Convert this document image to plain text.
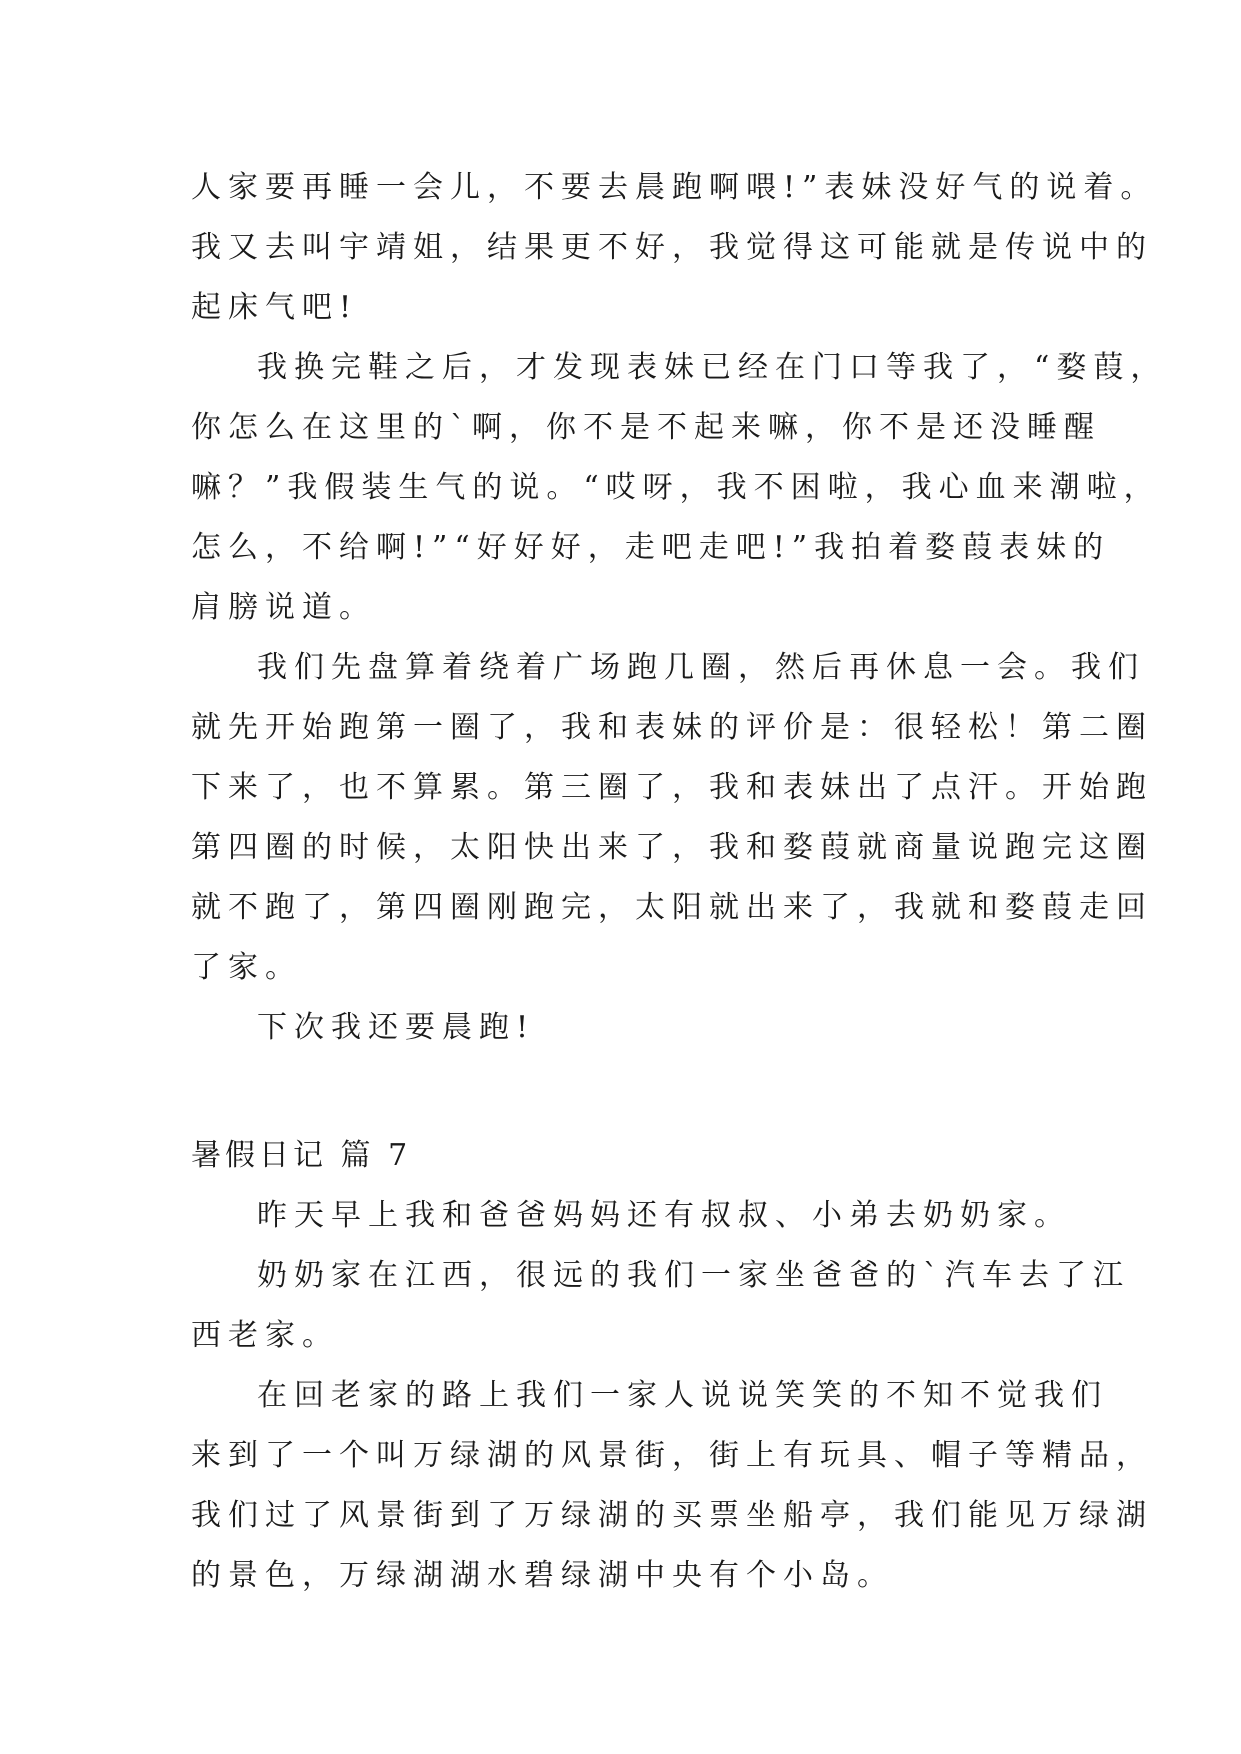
人家要再睡一会儿，不要去晨跑啊喂!”表妹没好气的说着。
我又去叫宇靖姐，结果更不好，我觉得这可能就是传说中的
起床气吧!
我换完鞋之后，才发现表妹已经在门口等我了，“婺葭，
你怎么在这里的`啊，你不是不起来嘛，你不是还没睡醒
嘛？”我假装生气的说。“哎呀，我不困啦，我心血来潮啦，
怎么，不给啊!”“好好好，走吧走吧!”我拍着婺葭表妹的
肩膀说道。
我们先盘算着绕着广场跑几圈，然后再休息一会。我们
就先开始跑第一圈了，我和表妹的评价是：很轻松！第二圈
下来了，也不算累。第三圈了，我和表妹出了点汗。开始跑
第四圈的时候，太阳快出来了，我和婺葭就商量说跑完这圈
就不跑了，第四圈刚跑完，太阳就出来了，我就和婺葭走回
了家。
下次我还要晨跑!
暑假日记 篇 7
昨天早上我和爸爸妈妈还有叔叔、小弟去奶奶家。
奶奶家在江西，很远的我们一家坐爸爸的`汽车去了江
西老家。
在回老家的路上我们一家人说说笑笑的不知不觉我们
来到了一个叫万绿湖的风景街，街上有玩具、帽子等精品，
我们过了风景街到了万绿湖的买票坐船亭，我们能见万绿湖
的景色，万绿湖湖水碧绿湖中央有个小岛。
